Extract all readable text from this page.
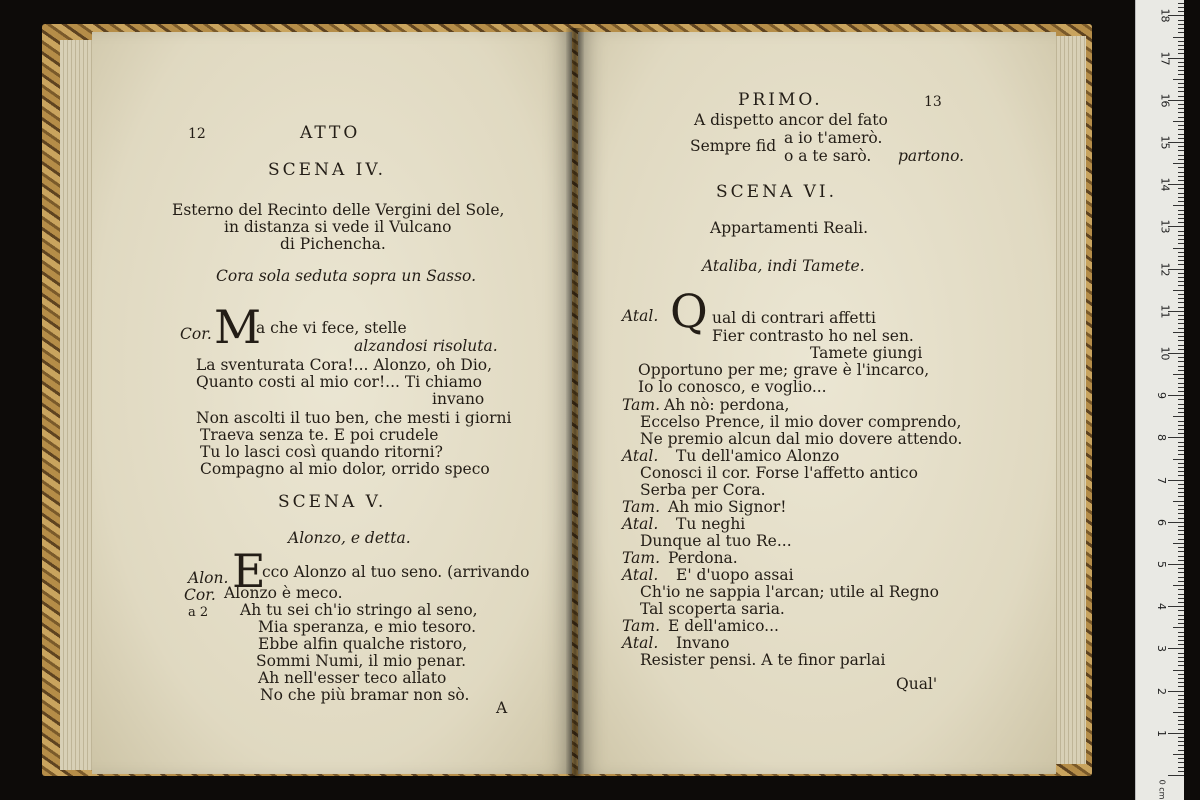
12	ATTO
SCENA IV.
Esterno del Recinto delle Vergini del Sole,
in distanza si vede il Vulcano
di Pichencha.
Cora sola seduta sopra un Sasso.
Cor. M
a che vi fece, stelle
alzandosi risoluta.
La sventurata Cora!... Alonzo, oh Dio,
Quanto costi al mio cor!... Ti chiamo
invano
Non ascolti il tuo ben, che mesti i giorni
Traeva senza te. E poi crudele
Tu lo lasci così quando ritorni?
Compagno al mio dolor, orrido speco
SCENA V.
Alonzo, e detta.
Alon. E
cco Alonzo al tuo seno. (arrivando
Cor. Alonzo è meco.
a 2 Ah tu sei ch'io stringo al seno,
Mia speranza, e mio tesoro.
Ebbe alfin qualche ristoro,
Sommi Numi, il mio penar.
Ah nell'esser teco allato
No che più bramar non sò.
A
PRIMO.	13
A dispetto ancor del fato
Sempre fid a io t'amerò.
o a te sarò. partono.
SCENA VI.
Appartamenti Reali.
Ataliba, indi Tamete.
Atal. Q ual di contrari affetti
Fier contrasto ho nel sen.
Tamete giungi
Opportuno per me; grave è l'incarco,
Io lo conosco, e voglio...
Tam. Ah nò: perdona,
Eccelso Prence, il mio dover comprendo,
Ne premio alcun dal mio dovere attendo.
Atal. Tu dell'amico Alonzo
Conosci il cor. Forse l'affetto antico
Serba per Cora.
Tam. Ah mio Signor!
Atal. Tu neghi
Dunque al tuo Re...
Tam. Perdona.
Atal. E' d'uopo assai
Ch'io ne sappia l'arcan; utile al Regno
Tal scoperta saria.
Tam. E dell'amico...
Atal. Invano
Resister pensi. A te finor parlai
Qual'
0 cm
1
2
3
4
5
6
7
8
9
10
11
12
13
14
15
16
17
18
